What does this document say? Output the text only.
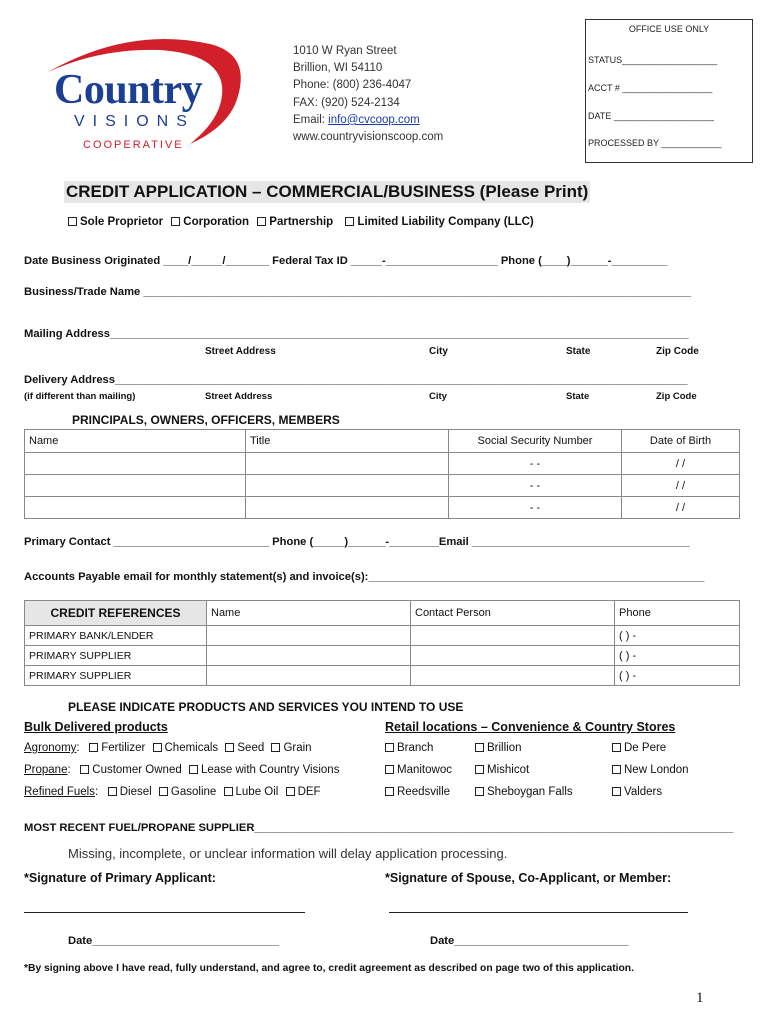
Country
VISIONS
COOPERATIVE
1010 W Ryan Street
Brillion, WI 54110
Phone: (800) 236-4047
FAX: (920) 524-2134
Email: info@cvcoop.com
www.countryvisionscoop.com
OFFICE USE ONLY
STATUS___________________
ACCT # __________________
DATE ____________________
PROCESSED BY ____________
CREDIT APPLICATION – COMMERCIAL/BUSINESS (Please Print)
Sole Proprietor Corporation Partnership Limited Liability Company (LLC)
Date Business Originated ____/_____/_______ Federal Tax ID _____-__________________ Phone (____)______-_________
Business/Trade Name ________________________________________________________________________________________
Mailing Address_____________________________________________________________________________________________
Street Address	City	State	Zip Code
Delivery Address____________________________________________________________________________________________
(if different than mailing)	Street Address	City	State	Zip Code
PRINCIPALS, OWNERS, OFFICERS, MEMBERS
Name	Title	Social Security Number	Date of Birth
		- -	/ /
		- -	/ /
		- -	/ /
Primary Contact _________________________ Phone (_____)______-________Email ___________________________________
Accounts Payable email for monthly statement(s) and invoice(s):______________________________________________________
CREDIT REFERENCES	Name	Contact Person	Phone
PRIMARY BANK/LENDER			( ) -
PRIMARY SUPPLIER			( ) -
PRIMARY SUPPLIER			( ) -
PLEASE INDICATE PRODUCTS AND SERVICES YOU INTEND TO USE
Bulk Delivered products	Retail locations – Convenience & Country Stores
Agronomy:   Fertilizer Chemicals Seed Grain
Propane:   Customer Owned Lease with Country Visions
Refined Fuels:   Diesel Gasoline Lube Oil DEF
Branch	Brillion	De Pere
Manitowoc	Mishicot	New London
Reedsville	Sheboygan Falls	Valders
MOST RECENT FUEL/PROPANE SUPPLIER_____________________________________________________________________________
Missing, incomplete, or unclear information will delay application processing.
*Signature of Primary Applicant:	*Signature of Spouse, Co-Applicant, or Member:
Date______________________________	Date____________________________
*By signing above I have read, fully understand, and agree to, credit agreement as described on page two of this application.
1
